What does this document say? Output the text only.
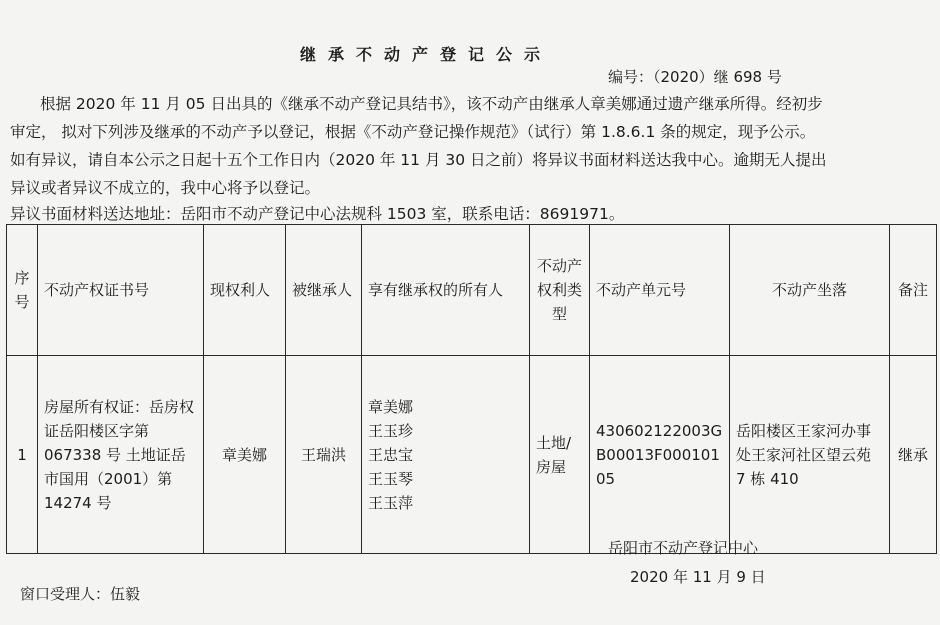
继承不动产登记公示
编号：（2020）继 698 号
根据 2020 年 11 月 05 日出具的《继承不动产登记具结书》，该不动产由继承人章美娜通过遗产继承所得。经初步
审定， 拟对下列涉及继承的不动产予以登记，根据《不动产登记操作规范》（试行）第 1.8.6.1 条的规定，现予公示。
如有异议，请自本公示之日起十五个工作日内（2020 年 11 月 30 日之前）将异议书面材料送达我中心。逾期无人提出
异议或者异议不成立的，我中心将予以登记。
异议书面材料送达地址：岳阳市不动产登记中心法规科 1503 室，联系电话：8691971。
序号	不动产权证书号	现权利人	被继承人	享有继承权的所有人	不动产权利类型	不动产单元号	不动产坐落	备注
1	房屋所有权证：岳房权证岳阳楼区字第 067338 号 土地证岳市国用（2001）第 14274 号	章美娜	王瑞洪	章美娜
王玉珍
王忠宝
王玉琴
王玉萍	土地/房屋	430602122003GB00013F00010105	岳阳楼区王家河办事处王家河社区望云苑 7 栋 410	继承
岳阳市不动产登记中心
2020 年 11 月 9 日
窗口受理人：伍毅
